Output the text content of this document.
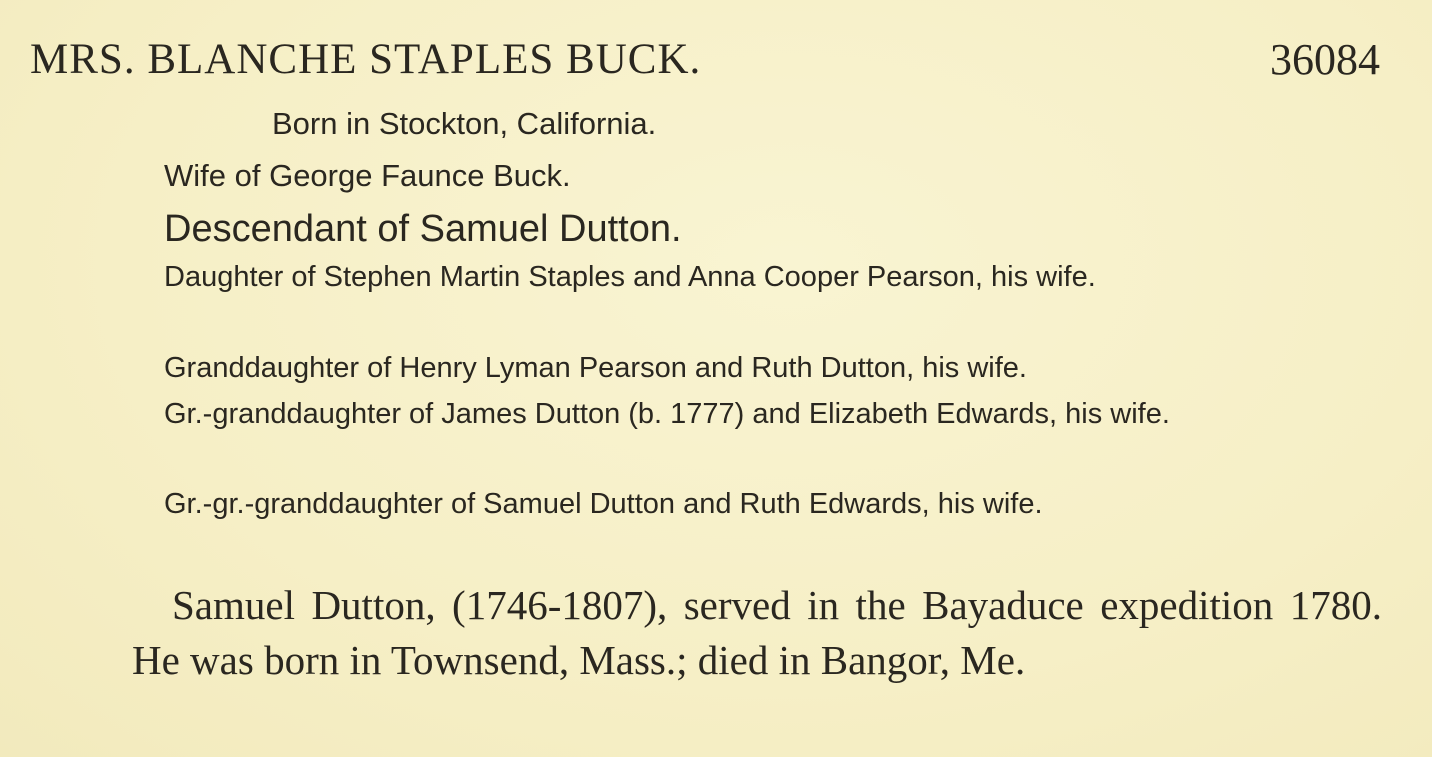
MRS. BLANCHE STAPLES BUCK.	36084
Born in Stockton, California.
Wife of George Faunce Buck.
Descendant of Samuel Dutton.

Daughter of Stephen Martin Staples and Anna Cooper Pearson, his wife.

Granddaughter of Henry Lyman Pearson and Ruth Dutton, his wife.

Gr.-granddaughter of James Dutton (b. 1777) and Elizabeth Edwards, his wife.

Gr.-gr.-granddaughter of Samuel Dutton and Ruth Edwards, his wife.

Samuel Dutton, (1746-1807), served in the Bayaduce expedition 1780. He was born in Townsend, Mass.; died in Bangor, Me.
